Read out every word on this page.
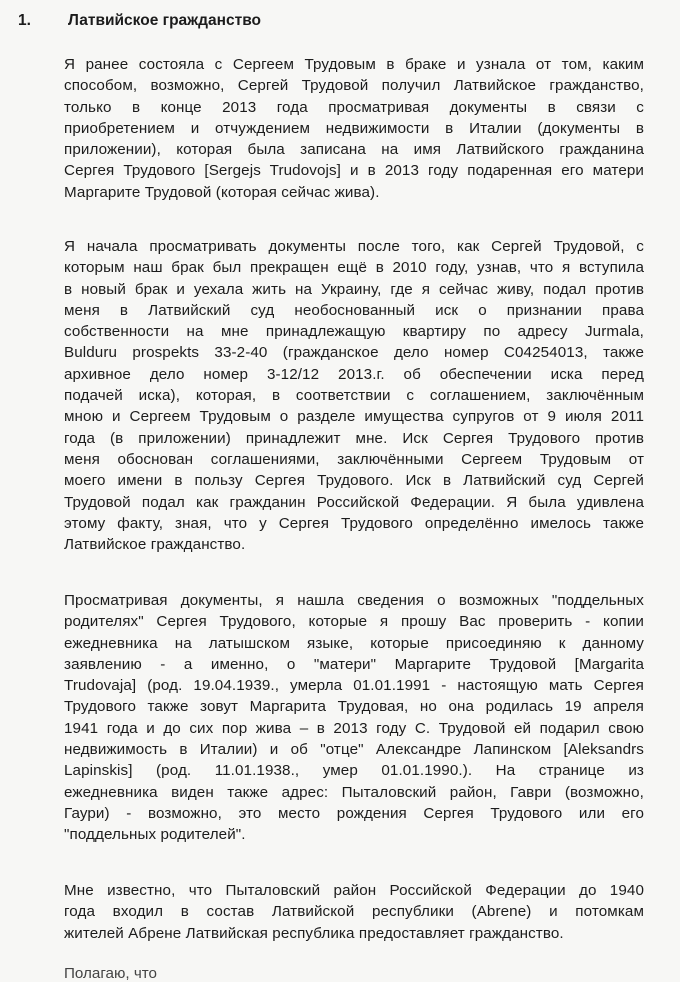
1. Латвийское гражданство

Я ранее состояла с Сергеем Трудовым в браке и узнала от том, каким
способом, возможно, Сергей Трудовой получил Латвийское гражданство,
только в конце 2013 года просматривая документы в связи с
приобретением и отчуждением недвижимости в Италии (документы в
приложении), которая была записана на имя Латвийского гражданина
Сергея Трудового [Sergejs Trudovojs] и в 2013 году подаренная его матери
Маргарите Трудовой (которая сейчас жива).

Я начала просматривать документы после того, как Сергей Трудовой, с
которым наш брак был прекращен ещё в 2010 году, узнав, что я вступила
в новый брак и уехала жить на Украину, где я сейчас живу, подал против
меня в Латвийский суд необоснованный иск о признании права
собственности на мне принадлежащую квартиру по адресу Jurmala,
Bulduru prospekts 33-2-40 (гражданское дело номер C04254013, также
архивное дело номер 3-12/12 2013.г. об обеспечении иска перед
подачей иска), которая, в соответствии с соглашением, заключённым
мною и Сергеем Трудовым о разделе имущества супругов от 9 июля 2011
года (в приложении) принадлежит мне. Иск Сергея Трудового против
меня обоснован соглашениями, заключёнными Сергеем Трудовым от
моего имени в пользу Сергея Трудового. Иск в Латвийский суд Сергей
Трудовой подал как гражданин Российской Федерации. Я была удивлена
этому факту, зная, что у Сергея Трудового определённо имелось также
Латвийское гражданство.

Просматривая документы, я нашла сведения о возможных "поддельных
родителях" Сергея Трудового, которые я прошу Вас проверить - копии
ежедневника на латышском языке, которые присоединяю к данному
заявлению - а именно, о "матери" Маргарите Трудовой [Margarita
Trudovaja] (род. 19.04.1939., умерла 01.01.1991 - настоящую мать Сергея
Трудового также зовут Маргарита Трудовая, но она родилась 19 апреля
1941 года и до сих пор жива – в 2013 году С. Трудовой ей подарил свою
недвижимость в Италии) и об "отце" Александре Лапинском [Aleksandrs
Lapinskis] (род. 11.01.1938., умер 01.01.1990.). На странице из
ежедневника виден также адрес: Пыталовский район, Гаври (возможно,
Гаури) - возможно, это место рождения Сергея Трудового или его
"поддельных родителей".

Мне известно, что Пыталовский район Российской Федерации до 1940
года входил в состав Латвийской республики (Abrene) и потомкам
жителей Абрене Латвийская республика предоставляет гражданство.

Полагаю, что
